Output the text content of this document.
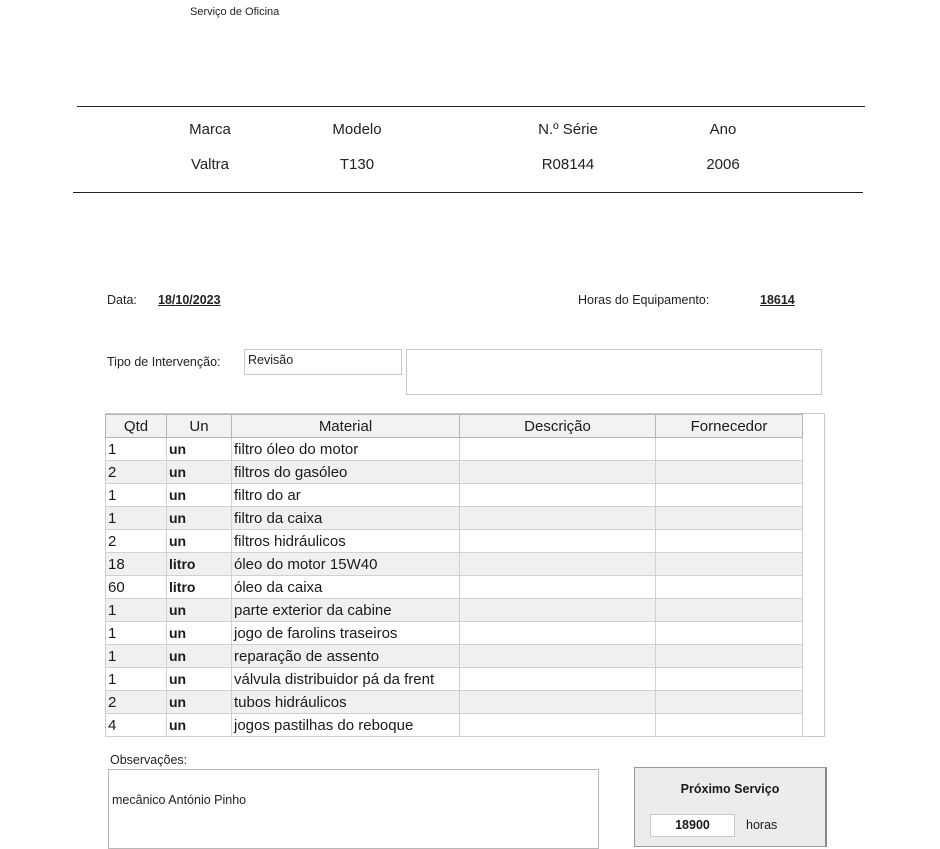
Serviço de Oficina
Marca	Modelo	N.º Série	Ano
Valtra	T130	R08144	2006
Data: 18/10/2023	Horas do Equipamento:	18614
Tipo de Intervenção:	Revisão
Qtd	Un	Material	Descrição	Fornecedor
1	un	filtro óleo do motor		
2	un	filtros do gasóleo		
1	un	filtro do ar		
1	un	filtro da caixa		
2	un	filtros hidráulicos		
18	litro	óleo do motor 15W40		
60	litro	óleo da caixa		
1	un	parte exterior da cabine		
1	un	jogo de farolins traseiros		
1	un	reparação de assento		
1	un	válvula distribuidor pá da frent		
2	un	tubos hidráulicos		
4	un	jogos pastilhas do reboque		
Observações:
mecânico António Pinho
Próximo Serviço
18900	horas
